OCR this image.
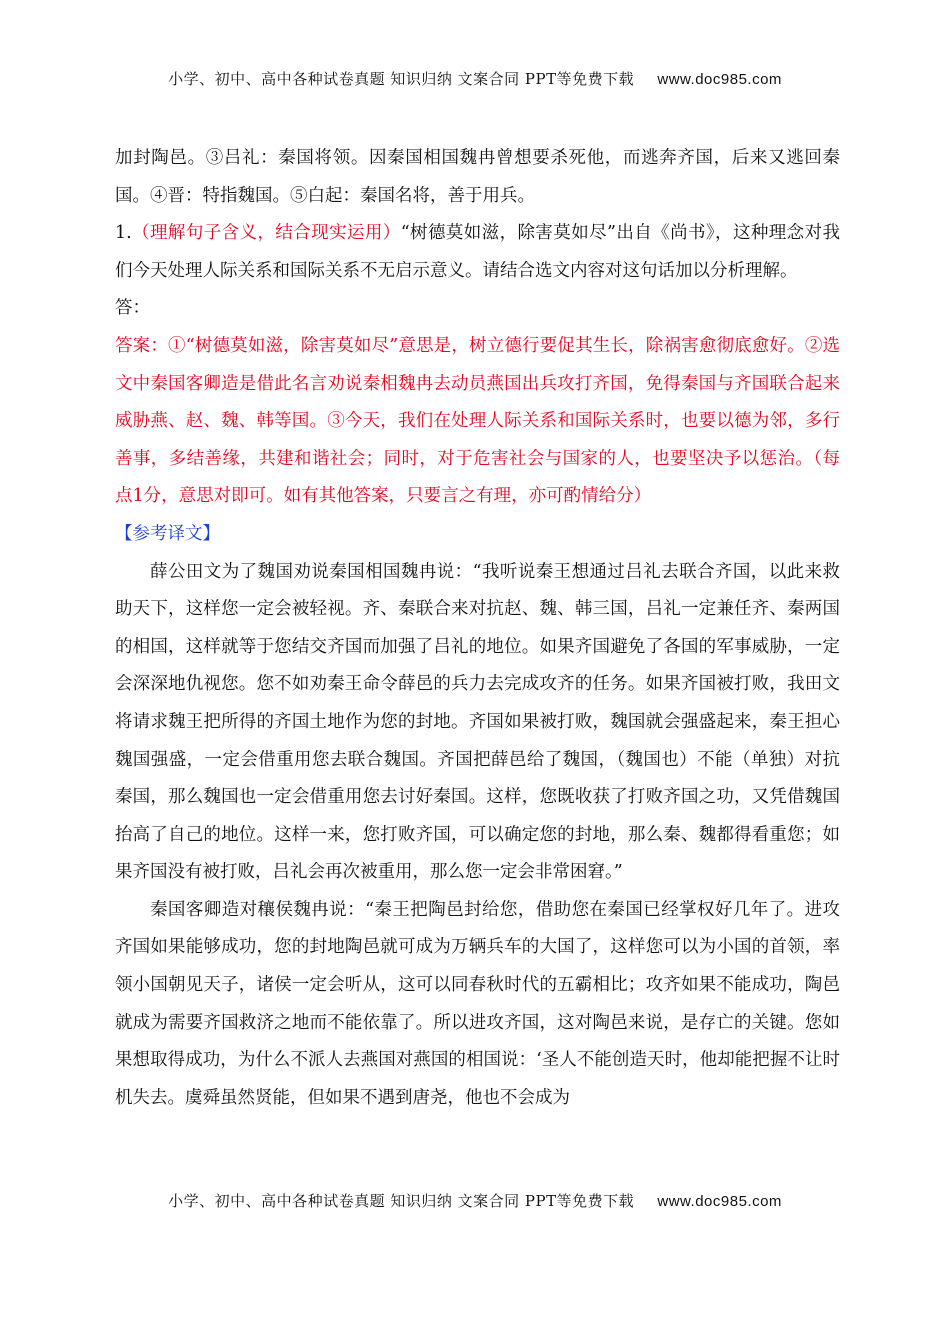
小学、初中、高中各种试卷真题 知识归纳 文案合同 PPT等免费下载 www.doc985.com

加封陶邑。③吕礼：秦国将领。因秦国相国魏冉曾想要杀死他，而逃奔齐国，后来又逃回秦国。④晋：特指魏国。⑤白起：秦国名将，善于用兵。

1.（理解句子含义，结合现实运用）“树德莫如滋，除害莫如尽”出自《尚书》，这种理念对我们今天处理人际关系和国际关系不无启示意义。请结合选文内容对这句话加以分析理解。

答：

答案：①“树德莫如滋，除害莫如尽”意思是，树立德行要促其生长，除祸害愈彻底愈好。②选文中秦国客卿造是借此名言劝说秦相魏冉去动员燕国出兵攻打齐国，免得秦国与齐国联合起来威胁燕、赵、魏、韩等国。③今天，我们在处理人际关系和国际关系时，也要以德为邻，多行善事，多结善缘，共建和谐社会；同时，对于危害社会与国家的人，也要坚决予以惩治。（每点1分，意思对即可。如有其他答案，只要言之有理，亦可酌情给分）

【参考译文】

薛公田文为了魏国劝说秦国相国魏冉说：“我听说秦王想通过吕礼去联合齐国，以此来救助天下，这样您一定会被轻视。齐、秦联合来对抗赵、魏、韩三国，吕礼一定兼任齐、秦两国的相国，这样就等于您结交齐国而加强了吕礼的地位。如果齐国避免了各国的军事威胁，一定会深深地仇视您。您不如劝秦王命令薛邑的兵力去完成攻齐的任务。如果齐国被打败，我田文将请求魏王把所得的齐国土地作为您的封地。齐国如果被打败，魏国就会强盛起来，秦王担心魏国强盛，一定会借重用您去联合魏国。齐国把薛邑给了魏国，（魏国也）不能（单独）对抗秦国，那么魏国也一定会借重用您去讨好秦国。这样，您既收获了打败齐国之功，又凭借魏国抬高了自己的地位。这样一来，您打败齐国，可以确定您的封地，那么秦、魏都得看重您；如果齐国没有被打败，吕礼会再次被重用，那么您一定会非常困窘。”

秦国客卿造对穰侯魏冉说：“秦王把陶邑封给您，借助您在秦国已经掌权好几年了。进攻齐国如果能够成功，您的封地陶邑就可成为万辆兵车的大国了，这样您可以为小国的首领，率领小国朝见天子，诸侯一定会听从，这可以同春秋时代的五霸相比；攻齐如果不能成功，陶邑就成为需要齐国救济之地而不能依靠了。所以进攻齐国，这对陶邑来说，是存亡的关键。您如果想取得成功，为什么不派人去燕国对燕国的相国说：‘圣人不能创造天时，他却能把握不让时机失去。虞舜虽然贤能，但如果不遇到唐尧，他也不会成为

小学、初中、高中各种试卷真题 知识归纳 文案合同 PPT等免费下载 www.doc985.com
